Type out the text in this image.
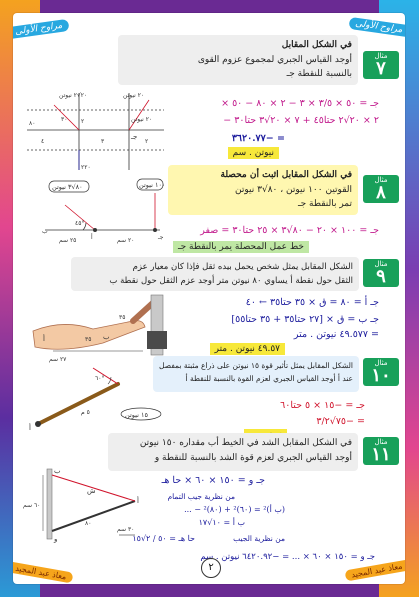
مراوح الأولى	مراوح الأولى
في الشكل المقابل
أوجد القياس الجبري لمجموع عزوم القوى
بالنسبة للنقطة جـ
مثال
٧
٢٠√٢ نيوتن	٢٠ نيوتن
٢٠ نيوتن
٨٠
٣٠
٢٢٠
٢
٣
٤	٢
جـ
جـ = ٥٠ × ٣/٥ × ٣ − ٢ × ٨٠ − ٥٠ ×
٢ × ٢٠√٢ حتا٤٥ + ٧ × ٢٠√٣ حتا٣٠ −
= −٣٦٢٠.٧٧
نيوتن . سم
في الشكل المقابل اثبت أن محصلة
القوتين ١٠٠ نيوتن ، ٨٠√٣ نيوتن
تمر بالنقطة جـ
مثال
٨
٨٠√٣ نيوتن	١٠٠ نيوتن
٤٥°
٢٥ سم	٢٠ سم
أ
ب
جـ
جـ = ١٠٠ × ٢٠ − ٨٠√٣ × ٢٥ حتا٣٠ = صفر
خط عمل المحصلة يمر بالنقطة جـ
الشكل المقابل يمثل شخص يحمل بيده ثقل فإذا كان معيار عزم
الثقل حول نقطة أ يساوي ٨٠ نيوتن متر أوجد عزم الثقل حول نقطة ب
مثال
٩
٣٥
٣٥
٢٧ سم
أ	ب
جـ أ = ٨٠ = ق × ٣٥ حتا٣٥ ← ٤٠
جـ ب = ق × [٢٧ حتا٣٥ + ٣٥ حتا٥٥]
= ٤٩.٥٧٧ نيوتن . متر
٤٩.٥٧ نيوتن . متر
الشكل المقابل يمثل تأثير قوة ١٥ نيوتن على ذراع مثبتة بمفصل
عند أ أوجد القياس الجبري لعزم القوة بالنسبة للنقطة أ
مثال
١٠
٦٠°
٥ م	١٥ نيوتن
أ
جـ = −١٥ × ٥ حتا٦٠
= −٧٥√٣/٢
في الشكل المقابل الشد في الخيط أب مقداره ١٥٠ نيوتن
أوجد القياس الجبري لعزم قوة الشد بالنسبة للنقطة و
مثال
١١
٦٠ سم
٣٠ سم
٨٠
أ
ب
و
ش
جـ و = ١٥٠ × ٦٠ × حا هـ
من نظرية جيب التمام
(ب أ)² = (٦٠)² + (٨٠)² − ...
ب أ = ١٠√١٧
من نظرية الجيب
حا هـ = ٥٠ / ٢√١٥
جـ و = ١٥٠ × ٦٠ × ... = −٦٤٢٠.٩٢ نيوتن . سم
معاذ عبد المجيد	معاذ عبد المجيد
٢
